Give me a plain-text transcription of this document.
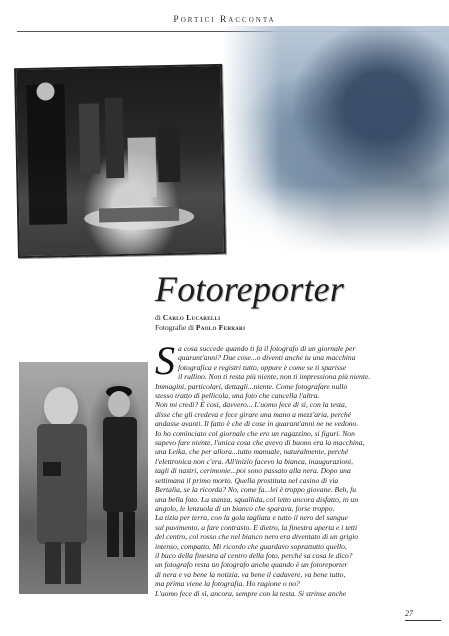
Portici Racconta
Fotoreporter
di Carlo Lucarelli
Fotografie di Paolo Ferrari
S a cosa succede quando ti fa il fotografo di un giornale per

quarant'anni? Due cose...o diventi anche tu una macchina

fotografica e registri tutto, oppure è come se ti sparisse

il rullino. Non ti resta più niente, non ti impressiona più niente.

Immagini, particolari, dettagli...niente. Come fotografare nullo

stesso tratto di pellicola, una foto che cancella l'altra.

Non mi credi? È così, davvero... L'uomo fece di sì, con la testa,

disse che gli credeva e fece girare una mano a mezz'aria, perché

andasse avanti. Il fatto è che di cose in quarant'anni ne ne vedono.

Io ho cominciato col giornale che ero un ragazzino, si figuri. Non

sapevo fare niente, l'unica cosa che avevo di buono era la macchina,

una Leika, che per allora...tutto manuale, naturalmente, perché

l'elettronica non c'era. All'inizio facevo la bianca, inaugurazioni,

tagli di nastri, cerimonie...poi sono passato alla nera. Dopo una

settimana il primo morto. Quella prostituta nel casino di via

Bertalia, se la ricorda? No, come fa...lei è troppo giovane. Beh, fu

una bella foto. La stanza, squallida, col letto ancora disfatto, in un

angolo, le lenzuola di un bianco che sparava, forse troppo.

La tizia per terra, con la gola tagliata e tutto il nero del sangue

sul pavimento, a fare contrasto. E dietro, la finestra aperta e i tetti

del centro, col rosso che nel bianco nero era diventato di un grigio

intenso, compatto. Mi ricordo che guardavo soprattutto quello,

il buco della finestra al centro della foto, perché sa cosa le dico?

un fotografo resta un fotografo anche quando è un fotoreporter

di nera e va bene la notizia, va bene il cadavere, va bene tutto,

ma prima viene la fotografia. Ho ragione o no?

L'uomo fece di sì, ancora, sempre con la testa. Si strinse anche

27
